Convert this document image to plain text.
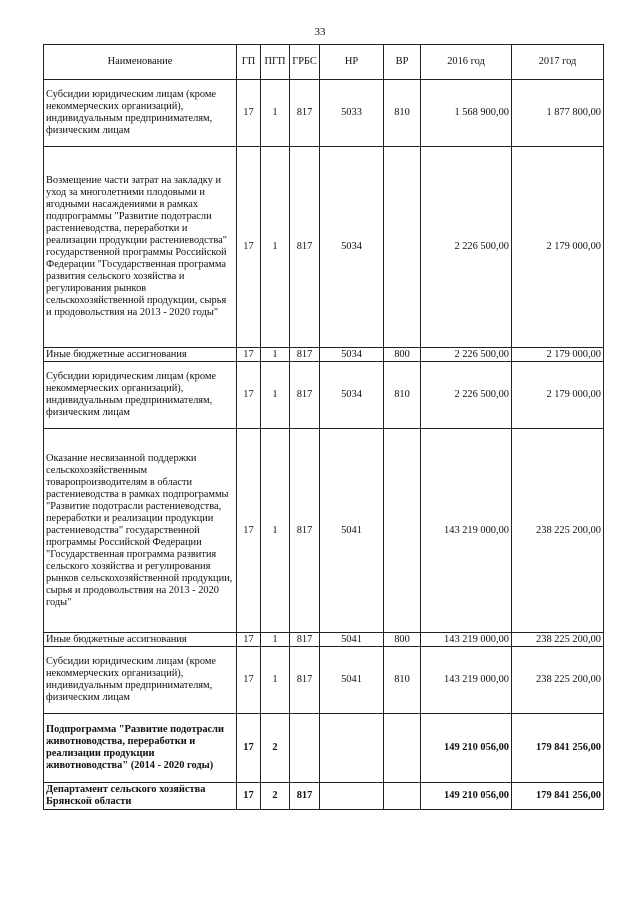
33
Наименование	ГП	ПГП	ГРБС	НР	ВР	2016 год	2017 год
Субсидии юридическим лицам (кроме некоммерческих организаций), индивидуальным предпринимателям, физическим лицам	17	1	817	5033	810	1 568 900,00	1 877 800,00
Возмещение части затрат на закладку и уход за многолетними плодовыми и ягодными насаждениями в рамках подпрограммы "Развитие подотрасли растениеводства, переработки и реализации продукции растениеводства" государственной программы Российской Федерации "Государственная программа развития сельского хозяйства и регулирования рынков сельскохозяйственной продукции, сырья и продовольствия на 2013 - 2020 годы"	17	1	817	5034		2 226 500,00	2 179 000,00
Иные бюджетные ассигнования	17	1	817	5034	800	2 226 500,00	2 179 000,00
Субсидии юридическим лицам (кроме некоммерческих организаций), индивидуальным предпринимателям, физическим лицам	17	1	817	5034	810	2 226 500,00	2 179 000,00
Оказание несвязанной поддержки сельскохозяйственным товаропроизводителям в области растениеводства в рамках подпрограммы "Развитие подотрасли растениеводства, переработки и реализации продукции растениеводства" государственной программы Российской Федерации "Государственная программа развития сельского хозяйства и регулирования рынков сельскохозяйственной продукции, сырья и продовольствия на 2013 - 2020 годы"	17	1	817	5041		143 219 000,00	238 225 200,00
Иные бюджетные ассигнования	17	1	817	5041	800	143 219 000,00	238 225 200,00
Субсидии юридическим лицам (кроме некоммерческих организаций), индивидуальным предпринимателям, физическим лицам	17	1	817	5041	810	143 219 000,00	238 225 200,00
Подпрограмма "Развитие подотрасли животноводства, переработки и реализации продукции животноводства" (2014 - 2020 годы)	17	2				149 210 056,00	179 841 256,00
Департамент сельского хозяйства Брянской области	17	2	817			149 210 056,00	179 841 256,00
